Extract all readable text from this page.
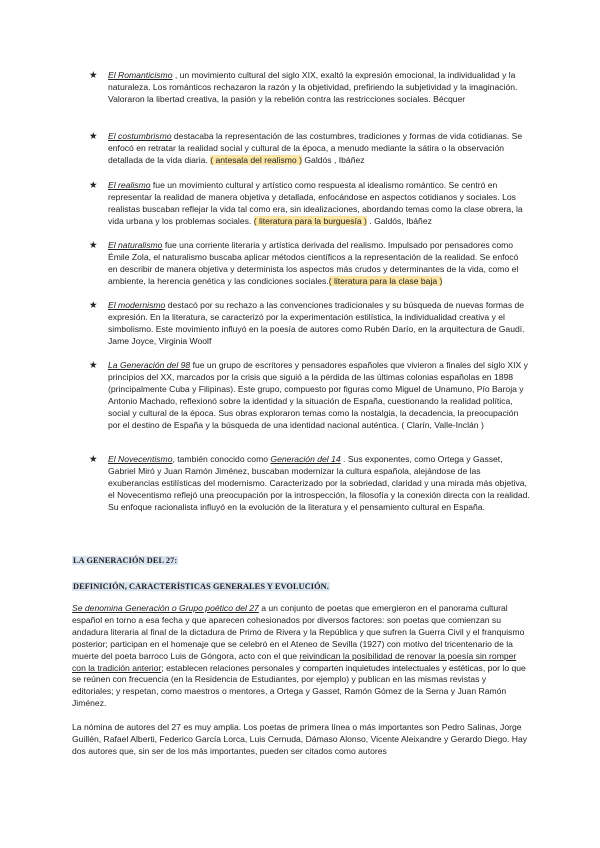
★ El Romanticismo , un movimiento cultural del siglo XIX, exaltó la expresión emocional, la individualidad y la naturaleza. Los románticos rechazaron la razón y la objetividad, prefiriendo la subjetividad y la imaginación. Valoraron la libertad creativa, la pasión y la rebelión contra las restricciones sociales. Bécquer
★ El costumbrismo destacaba la representación de las costumbres, tradiciones y formas de vida cotidianas. Se enfocó en retratar la realidad social y cultural de la época, a menudo mediante la sátira o la observación detallada de la vida diaria. ( antesala del realismo ) Galdós , Ibáñez
★ El realismo fue un movimiento cultural y artístico como respuesta al idealismo romántico. Se centró en representar la realidad de manera objetiva y detallada, enfocándose en aspectos cotidianos y sociales. Los realistas buscaban reflejar la vida tal como era, sin idealizaciones, abordando temas como la clase obrera, la vida urbana y los problemas sociales. ( literatura para la burguesía ) . Galdós, Ibáñez
★ El naturalismo fue una corriente literaria y artística derivada del realismo. Impulsado por pensadores como Émile Zola, el naturalismo buscaba aplicar métodos científicos a la representación de la realidad. Se enfocó en describir de manera objetiva y determinista los aspectos más crudos y determinantes de la vida, como el ambiente, la herencia genética y las condiciones sociales.( literatura para la clase baja )
★ El modernismo destacó por su rechazo a las convenciones tradicionales y su búsqueda de nuevas formas de expresión. En la literatura, se caracterizó por la experimentación estilística, la individualidad creativa y el simbolismo. Este movimiento influyó en la poesía de autores como Rubén Darío, en la arquitectura de Gaudí. Jame Joyce, Virginia Woolf
★ La Generación del 98 fue un grupo de escritores y pensadores españoles que vivieron a finales del siglo XIX y principios del XX, marcados por la crisis que siguió a la pérdida de las últimas colonias españolas en 1898 (principalmente Cuba y Filipinas). Este grupo, compuesto por figuras como Miguel de Unamuno, Pío Baroja y Antonio Machado, reflexionó sobre la identidad y la situación de España, cuestionando la realidad política, social y cultural de la época. Sus obras exploraron temas como la nostalgia, la decadencia, la preocupación por el destino de España y la búsqueda de una identidad nacional auténtica. ( Clarín, Valle-Inclán )
★ El Novecentismo, también conocido como Generación del 14 . Sus exponentes, como Ortega y Gasset, Gabriel Miró y Juan Ramón Jiménez, buscaban modernizar la cultura española, alejándose de las exuberancias estilísticas del modernismo. Caracterizado por la sobriedad, claridad y una mirada más objetiva, el Novecentismo reflejó una preocupación por la introspección, la filosofía y la conexión directa con la realidad. Su enfoque racionalista influyó en la evolución de la literatura y el pensamiento cultural en España.
LA GENERACIÓN DEL 27:
DEFINICIÓN, CARACTERÍSTICAS GENERALES Y EVOLUCIÓN.
Se denomina Generación o Grupo poético del 27 a un conjunto de poetas que emergieron en el panorama cultural español en torno a esa fecha y que aparecen cohesionados por diversos factores: son poetas que comienzan su andadura literaria al final de la dictadura de Primo de Rivera y la República y que sufren la Guerra Civil y el franquismo posterior; participan en el homenaje que se celebró en el Ateneo de Sevilla (1927) con motivo del tricentenario de la muerte del poeta barroco Luis de Góngora, acto con el que reivindican la posibilidad de renovar la poesía sin romper con la tradición anterior; establecen relaciones personales y comparten inquietudes intelectuales y estéticas, por lo que se reúnen con frecuencia (en la Residencia de Estudiantes, por ejemplo) y publican en las mismas revistas y editoriales; y respetan, como maestros o mentores, a Ortega y Gasset, Ramón Gómez de la Serna y Juan Ramón Jiménez.
La nómina de autores del 27 es muy amplia. Los poetas de primera línea o más importantes son Pedro Salinas, Jorge Guillén, Rafael Alberti, Federico García Lorca, Luis Cernuda, Dámaso Alonso, Vicente Aleixandre y Gerardo Diego. Hay dos autores que, sin ser de los más importantes, pueden ser citados como autores
